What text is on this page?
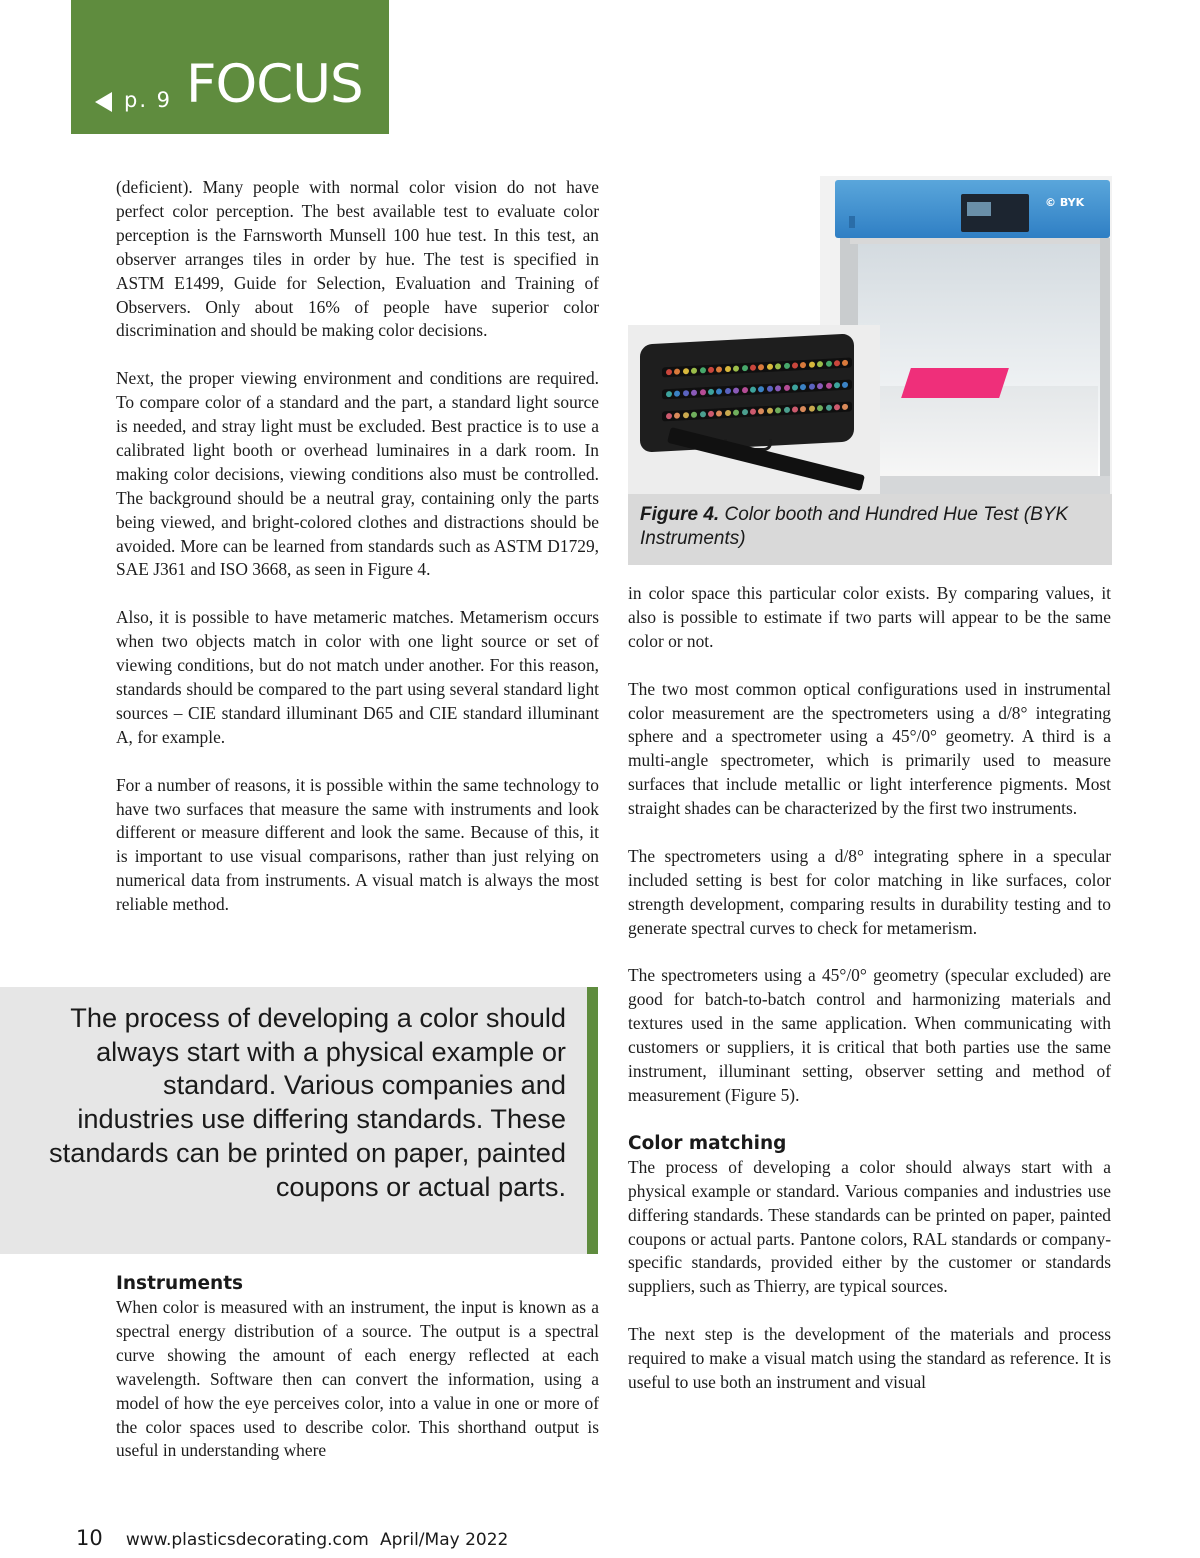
p. 9 FOCUS

(deficient). Many people with normal color vision do not have perfect color perception. The best available test to evaluate color perception is the Farnsworth Munsell 100 hue test. In this test, an observer arranges tiles in order by hue. The test is specified in ASTM E1499, Guide for Selection, Evaluation and Training of Observers. Only about 16% of people have superior color discrimination and should be making color decisions.

Next, the proper viewing environment and conditions are required. To compare color of a standard and the part, a standard light source is needed, and stray light must be excluded. Best practice is to use a calibrated light booth or overhead luminaires in a dark room. In making color decisions, viewing conditions also must be controlled. The background should be a neutral gray, containing only the parts being viewed, and bright-colored clothes and distractions should be avoided. More can be learned from standards such as ASTM D1729, SAE J361 and ISO 3668, as seen in Figure 4.

Also, it is possible to have metameric matches. Metamerism occurs when two objects match in color with one light source or set of viewing conditions, but do not match under another. For this reason, standards should be compared to the part using several standard light sources – CIE standard illuminant D65 and CIE standard illuminant A, for example.

For a number of reasons, it is possible within the same technology to have two surfaces that measure the same with instruments and look different or measure different and look the same. Because of this, it is important to use visual comparisons, rather than just relying on numerical data from instruments. A visual match is always the most reliable method.

The process of developing a color should always start with a physical example or standard. Various companies and industries use differing standards. These standards can be printed on paper, painted coupons or actual parts.
Instruments

When color is measured with an instrument, the input is known as a spectral energy distribution of a source. The output is a spectral curve showing the amount of each energy reflected at each wavelength. Software then can convert the information, using a model of how the eye perceives color, into a value in one or more of the color spaces used to describe color. This shorthand output is useful in understanding where

© BYK
Figure 4. Color booth and Hundred Hue Test (BYK Instruments)

in color space this particular color exists. By comparing values, it also is possible to estimate if two parts will appear to be the same color or not.

The two most common optical configurations used in instrumental color measurement are the spectrometers using a d/8° integrating sphere and a spectrometer using a 45°/0° geometry. A third is a multi-angle spectrometer, which is primarily used to measure surfaces that include metallic or light interference pigments. Most straight shades can be characterized by the first two instruments.

The spectrometers using a d/8° integrating sphere in a specular included setting is best for color matching in like surfaces, color strength development, comparing results in durability testing and to generate spectral curves to check for metamerism.

The spectrometers using a 45°/0° geometry (specular excluded) are good for batch-to-batch control and harmonizing materials and textures used in the same application. When communicating with customers or suppliers, it is critical that both parties use the same instrument, illuminant setting, observer setting and method of measurement (Figure 5).

Color matching

The process of developing a color should always start with a physical example or standard. Various companies and industries use differing standards. These standards can be printed on paper, painted coupons or actual parts. Pantone colors, RAL standards or company-specific standards, provided either by the customer or standards suppliers, such as Thierry, are typical sources.

The next step is the development of the materials and process required to make a visual match using the standard as reference. It is useful to use both an instrument and visual

10 www.plasticsdecorating.com April/May 2022
